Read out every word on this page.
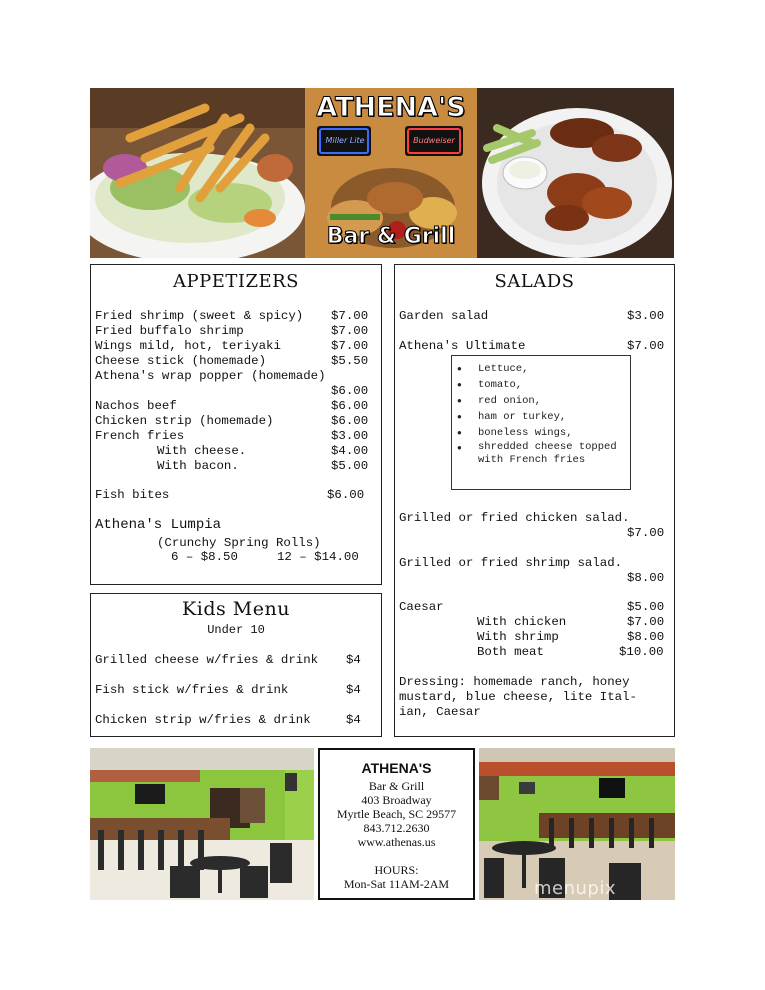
ATHENA'S
Miller Lite	Budweiser
Bar & Grill
APPETIZERS
Fried shrimp (sweet & spicy) $7.00
Fried buffalo shrimp	$7.00
Wings mild, hot, teriyaki	$7.00
Cheese stick (homemade)	$5.50
Athena's wrap popper (homemade)
$6.00
Nachos beef	$6.00
Chicken strip (homemade)	$6.00
French fries	$3.00
With cheese.	$4.00
With bacon.	$5.00
Fish bites	$6.00
Athena's Lumpia
(Crunchy Spring Rolls)
6 – $8.50	12 – $14.00
Kids Menu
Under 10
Grilled cheese w/fries & drink $4
Fish stick w/fries & drink	$4
Chicken strip w/fries & drink	$4
SALADS
Garden salad	$3.00
Athena's Ultimate	$7.00
● Lettuce,
● tomato,
● red onion,
● ham or turkey,
● boneless wings,
● shredded cheese topped with French fries
Grilled or fried chicken salad.
$7.00
Grilled or fried shrimp salad.
$8.00
Caesar	$5.00
With chicken	$7.00
With shrimp	$8.00
Both meat	$10.00
Dressing: homemade ranch, honey
mustard, blue cheese, lite Ital-
ian, Caesar
ATHENA'S
Bar & Grill
403 Broadway
Myrtle Beach, SC 29577
843.712.2630
www.athenas.us
HOURS:
Mon-Sat 11AM-2AM	menupix
